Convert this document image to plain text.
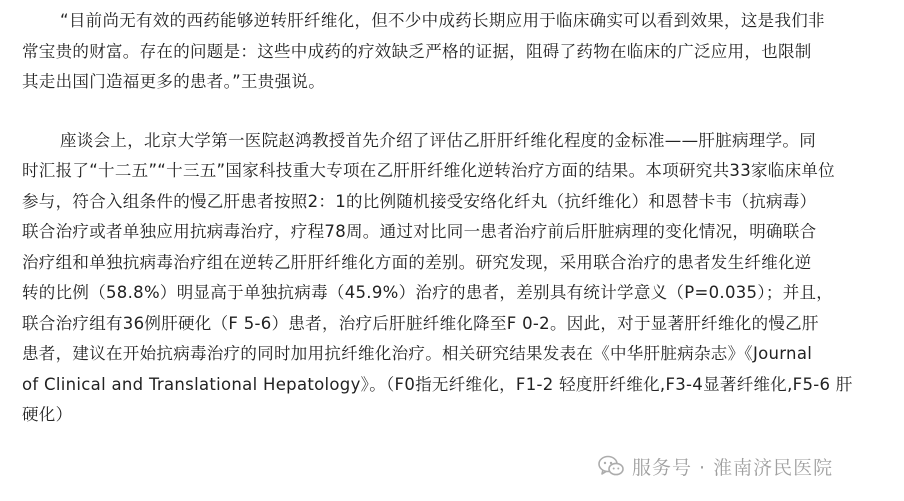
“目前尚无有效的西药能够逆转肝纤维化，但不少中成药长期应用于临床确实可以看到效果，这是我们非
常宝贵的财富。存在的问题是：这些中成药的疗效缺乏严格的证据，阻碍了药物在临床的广泛应用，也限制
其走出国门造福更多的患者。”王贵强说。

座谈会上，北京大学第一医院赵鸿教授首先介绍了评估乙肝肝纤维化程度的金标准——肝脏病理学。同
时汇报了“十二五”“十三五”国家科技重大专项在乙肝肝纤维化逆转治疗方面的结果。本项研究共33家临床单位
参与，符合入组条件的慢乙肝患者按照2：1的比例随机接受安络化纤丸（抗纤维化）和恩替卡韦（抗病毒）
联合治疗或者单独应用抗病毒治疗，疗程78周。通过对比同一患者治疗前后肝脏病理的变化情况，明确联合
治疗组和单独抗病毒治疗组在逆转乙肝肝纤维化方面的差别。研究发现，采用联合治疗的患者发生纤维化逆
转的比例（58.8%）明显高于单独抗病毒（45.9%）治疗的患者，差别具有统计学意义（P=0.035）；并且，
联合治疗组有36例肝硬化（F 5-6）患者，治疗后肝脏纤维化降至F 0-2。因此，对于显著肝纤维化的慢乙肝
患者，建议在开始抗病毒治疗的同时加用抗纤维化治疗。相关研究结果发表在《中华肝脏病杂志》《Journal
of Clinical and Translational Hepatology》。（F0指无纤维化，F1-2 轻度肝纤维化,F3-4显著纤维化,F5-6 肝
硬化）

服务号 · 淮南济民医院
